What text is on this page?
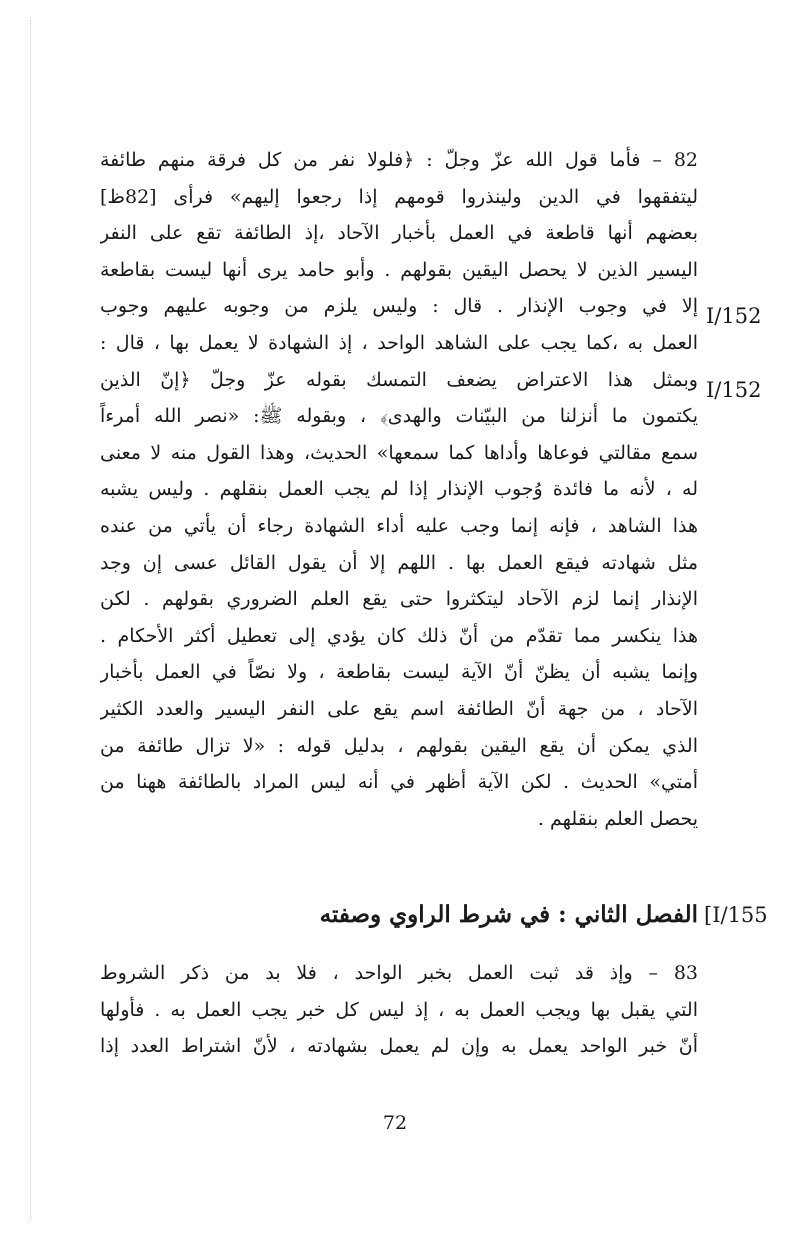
I/152
I/152
[I/155
82 – فأما قول الله عزّ وجلّ : ﴿فلولا نفر من كل فرقة منهم طائفة
ليتفقهوا في الدين ولينذروا قومهم إذا رجعوا إليهم» فرأى [82ظ]
بعضهم أنها قاطعة في العمل بأخبار الآحاد ،إذ الطائفة تقع على النفر
اليسير الذين لا يحصل اليقين بقولهم . وأبو حامد يرى أنها ليست بقاطعة
إلا في وجوب الإنذار . قال : وليس يلزم من وجوبه عليهم وجوب
العمل به ،كما يجب على الشاهد الواحد ، إذ الشهادة لا يعمل بها ، قال :
وبمثل هذا الاعتراض يضعف التمسك بقوله عزّ وجلّ ﴿إنّ الذين
يكتمون ما أنزلنا من البيّنات والهدى﴾ ، وبقوله ﷺ: «نصر الله أمرءاً
سمع مقالتي فوعاها وأداها كما سمعها» الحديث، وهذا القول منه لا معنى
له ، لأنه ما فائدة وُجوب الإنذار إذا لم يجب العمل بنقلهم . وليس يشبه
هذا الشاهد ، فإنه إنما وجب عليه أداء الشهادة رجاء أن يأتي من عنده
مثل شهادته فيقع العمل بها . اللهم إلا أن يقول القائل عسى إن وجد
الإنذار إنما لزم الآحاد ليتكثروا حتى يقع العلم الضروري بقولهم . لكن
هذا ينكسر مما تقدّم من أنّ ذلك كان يؤدي إلى تعطيل أكثر الأحكام .
وإنما يشبه أن يظنّ أنّ الآية ليست بقاطعة ، ولا نصّاً في العمل بأخبار
الآحاد ، من جهة أنّ الطائفة اسم يقع على النفر اليسير والعدد الكثير
الذي يمكن أن يقع اليقين بقولهم ، بدليل قوله : «لا تزال طائفة من
أمتي» الحديث . لكن الآية أظهر في أنه ليس المراد بالطائفة ههنا من
يحصل العلم بنقلهم .
الفصل الثاني : في شرط الراوي وصفته
83 – وإذ قد ثبت العمل بخبر الواحد ، فلا بد من ذكر الشروط
التي يقبل بها ويجب العمل به ، إذ ليس كل خبر يجب العمل به . فأولها
أنّ خبر الواحد يعمل به وإن لم يعمل بشهادته ، لأنّ اشتراط العدد إذا
72
